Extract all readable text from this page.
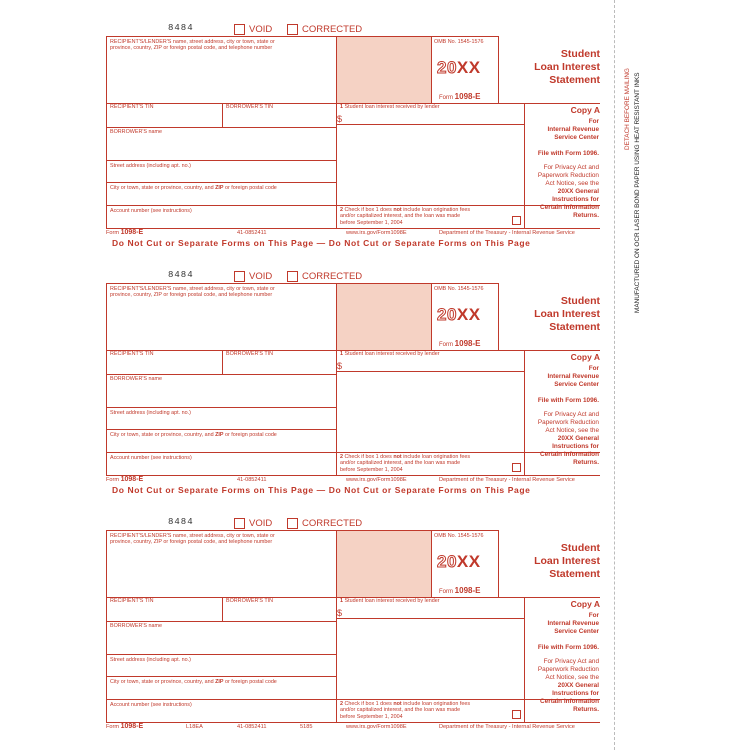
8484	VOID	CORRECTED
RECIPIENT'S/LENDER'S name, street address, city or town, state or
province, country, ZIP or foreign postal code, and telephone number
OMB No. 1545-1576
20XX
Form 1098-E
Student
Loan Interest
Statement
RECIPIENT'S TIN	BORROWER'S TIN	1 Student loan interest received by lender
$
Copy A
For
Internal Revenue
Service Center
File with Form 1096.
For Privacy Act and
Paperwork Reduction
Act Notice, see the
20XX General
Instructions for
Certain Information
Returns.
BORROWER'S name
Street address (including apt. no.)
City or town, state or province, country, and ZIP or foreign postal code
Account number (see instructions)	2 Check if box 1 does not include loan origination fees
and/or capitalized interest, and the loan was made
before September 1, 2004
Form 1098-E	41-0852411	www.irs.gov/Form1098E	Department of the Treasury - Internal Revenue Service
Do Not Cut or Separate Forms on This Page — Do Not Cut or Separate Forms on This Page
8484	VOID	CORRECTED
RECIPIENT'S/LENDER'S name, street address, city or town, state or
province, country, ZIP or foreign postal code, and telephone number
OMB No. 1545-1576
20XX
Form 1098-E
Student
Loan Interest
Statement
RECIPIENT'S TIN	BORROWER'S TIN	1 Student loan interest received by lender
$
Copy A
For
Internal Revenue
Service Center
File with Form 1096.
For Privacy Act and
Paperwork Reduction
Act Notice, see the
20XX General
Instructions for
Certain Information
Returns.
BORROWER'S name
Street address (including apt. no.)
City or town, state or province, country, and ZIP or foreign postal code
Account number (see instructions)	2 Check if box 1 does not include loan origination fees
and/or capitalized interest, and the loan was made
before September 1, 2004
Form 1098-E	41-0852411	www.irs.gov/Form1098E	Department of the Treasury - Internal Revenue Service
Do Not Cut or Separate Forms on This Page — Do Not Cut or Separate Forms on This Page
8484	VOID	CORRECTED
RECIPIENT'S/LENDER'S name, street address, city or town, state or
province, country, ZIP or foreign postal code, and telephone number
OMB No. 1545-1576
20XX
Form 1098-E
Student
Loan Interest
Statement
RECIPIENT'S TIN	BORROWER'S TIN	1 Student loan interest received by lender
$
Copy A
For
Internal Revenue
Service Center
File with Form 1096.
For Privacy Act and
Paperwork Reduction
Act Notice, see the
20XX General
Instructions for
Certain Information
Returns.
BORROWER'S name
Street address (including apt. no.)
City or town, state or province, country, and ZIP or foreign postal code
Account number (see instructions)	2 Check if box 1 does not include loan origination fees
and/or capitalized interest, and the loan was made
before September 1, 2004
Form 1098-E	L18EA	41-0852411	www.irs.gov/Form1098E	Department of the Treasury - Internal Revenue Service
5185
DETACH BEFORE MAILING MANUFACTURED ON OCR LASER BOND PAPER USING HEAT RESISTANT INKS
